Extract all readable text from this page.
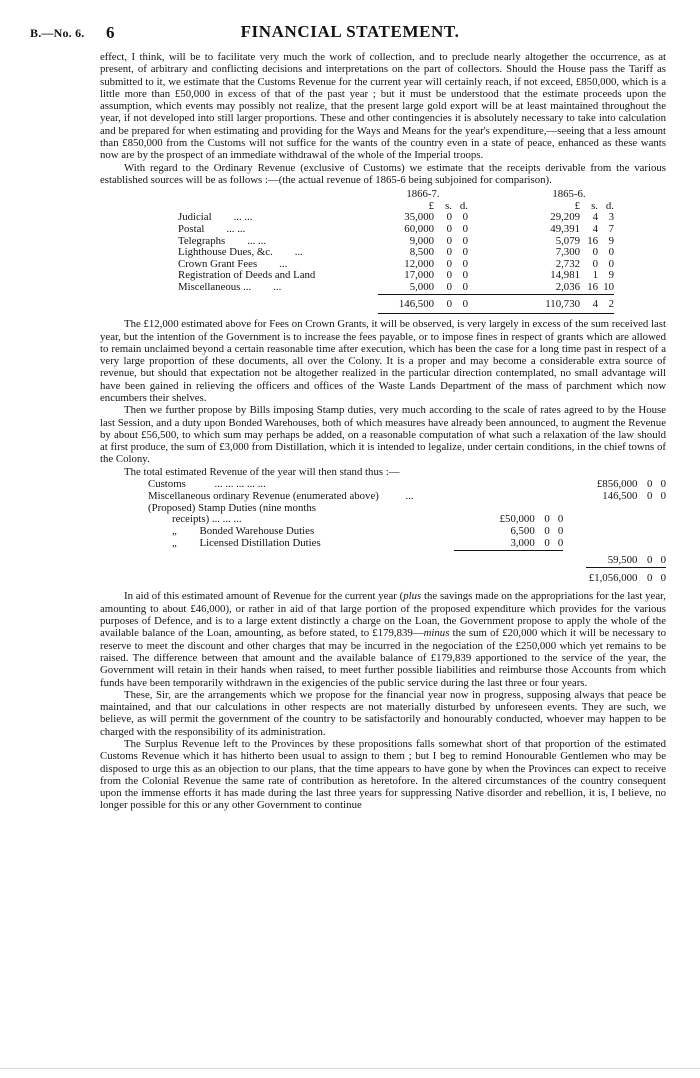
B.—No. 6. 6	FINANCIAL STATEMENT.

effect, I think, will be to facilitate very much the work of collection, and to preclude nearly altogether the occurrence, as at present, of arbitrary and conflicting decisions and interpretations on the part of collectors. Should the House pass the Tariff as submitted to it, we estimate that the Customs Revenue for the current year will certainly reach, if not exceed, £850,000, which is a little more than £50,000 in excess of that of the past year ; but it must be understood that the estimate proceeds upon the assumption, which events may possibly not realize, that the present large gold export will be at least maintained throughout the year, if not developed into still larger proportions. These and other contingencies it is absolutely necessary to take into calculation and be prepared for when estimating and providing for the Ways and Means for the year's expenditure,—seeing that a less amount than £850,000 from the Customs will not suffice for the wants of the country even in a state of peace, enhanced as these wants now are by the prospect of an immediate withdrawal of the whole of the Imperial troops.

With regard to the Ordinary Revenue (exclusive of Customs) we estimate that the receipts derivable from the various established sources will be as follows :—(the actual revenue of 1865-6 being subjoined for comparison).

	1866-7.				1865-6.		
	£	s.	d.		£	s.	d.
Judicial ... ...	35,000	0	0		29,209	4	3
Postal ... ...	60,000	0	0		49,391	4	7
Telegraphs ... ...	9,000	0	0		5,079	16	9
Lighthouse Dues, &c. ...	8,500	0	0		7,300	0	0
Crown Grant Fees ...	12,000	0	0		2,732	0	0
Registration of Deeds and Land	17,000	0	0		14,981	1	9
Miscellaneous ... ...	5,000	0	0		2,036	16	10
	146,500	0	0		110,730	4	2

The £12,000 estimated above for Fees on Crown Grants, it will be observed, is very largely in excess of the sum received last year, but the intention of the Government is to increase the fees payable, or to impose fines in respect of grants which are allowed to remain unclaimed beyond a certain reasonable time after execution, which has been the case for a long time past in respect of a very large proportion of these documents, all over the Colony. It is a proper and may become a considerable extra source of revenue, but should that expectation not be altogether realized in the particular direction contemplated, no small advantage will have been gained in relieving the officers and offices of the Waste Lands Department of the mass of parchment which now encumbers their shelves.

Then we further propose by Bills imposing Stamp duties, very much according to the scale of rates agreed to by the House last Session, and a duty upon Bonded Warehouses, both of which measures have already been announced, to augment the Revenue by about £56,500, to which sum may perhaps be added, on a reasonable computation of what such a relaxation of the law should at first produce, the sum of £3,000 from Distillation, which it is intended to legalize, under certain conditions, in the chief towns of the Colony.

The total estimated Revenue of the year will then stand thus :—

Customs ... ... ... ... ...					£856,000	0	0
Miscellaneous ordinary Revenue (enumerated above) ...					146,500	0	0
(Proposed) Stamp Duties (nine months							
receipts) ... ... ...	£50,000	0	0				
„ Bonded Warehouse Duties	6,500	0	0				
„ Licensed Distillation Duties	3,000	0	0				

					59,500	0	0
					£1,056,000	0	0

In aid of this estimated amount of Revenue for the current year (plus the savings made on the appropriations for the last year, amounting to about £46,000), or rather in aid of that large portion of the proposed expenditure which provides for the various purposes of Defence, and is to a large extent distinctly a charge on the Loan, the Government propose to apply the whole of the available balance of the Loan, amounting, as before stated, to £179,839—minus the sum of £20,000 which it will be necessary to reserve to meet the discount and other charges that may be incurred in the negociation of the £250,000 which yet remains to be raised. The difference between that amount and the available balance of £179,839 apportioned to the service of the year, the Government will retain in their hands when raised, to meet further possible liabilities and reimburse those Accounts from which funds have been temporarily withdrawn in the exigencies of the public service during the last three or four years.

These, Sir, are the arrangements which we propose for the financial year now in progress, supposing always that peace be maintained, and that our calculations in other respects are not materially disturbed by unforeseen events. They are such, we believe, as will permit the government of the country to be satisfactorily and honourably conducted, whoever may happen to be charged with the responsibility of its administration.

The Surplus Revenue left to the Provinces by these propositions falls somewhat short of that proportion of the estimated Customs Revenue which it has hitherto been usual to assign to them ; but I beg to remind Honourable Gentlemen who may be disposed to urge this as an objection to our plans, that the time appears to have gone by when the Provinces can expect to receive from the Colonial Revenue the same rate of contribution as heretofore. In the altered circumstances of the country consequent upon the immense efforts it has made during the last three years for suppressing Native disorder and rebellion, it is, I believe, no longer possible for this or any other Government to continue
